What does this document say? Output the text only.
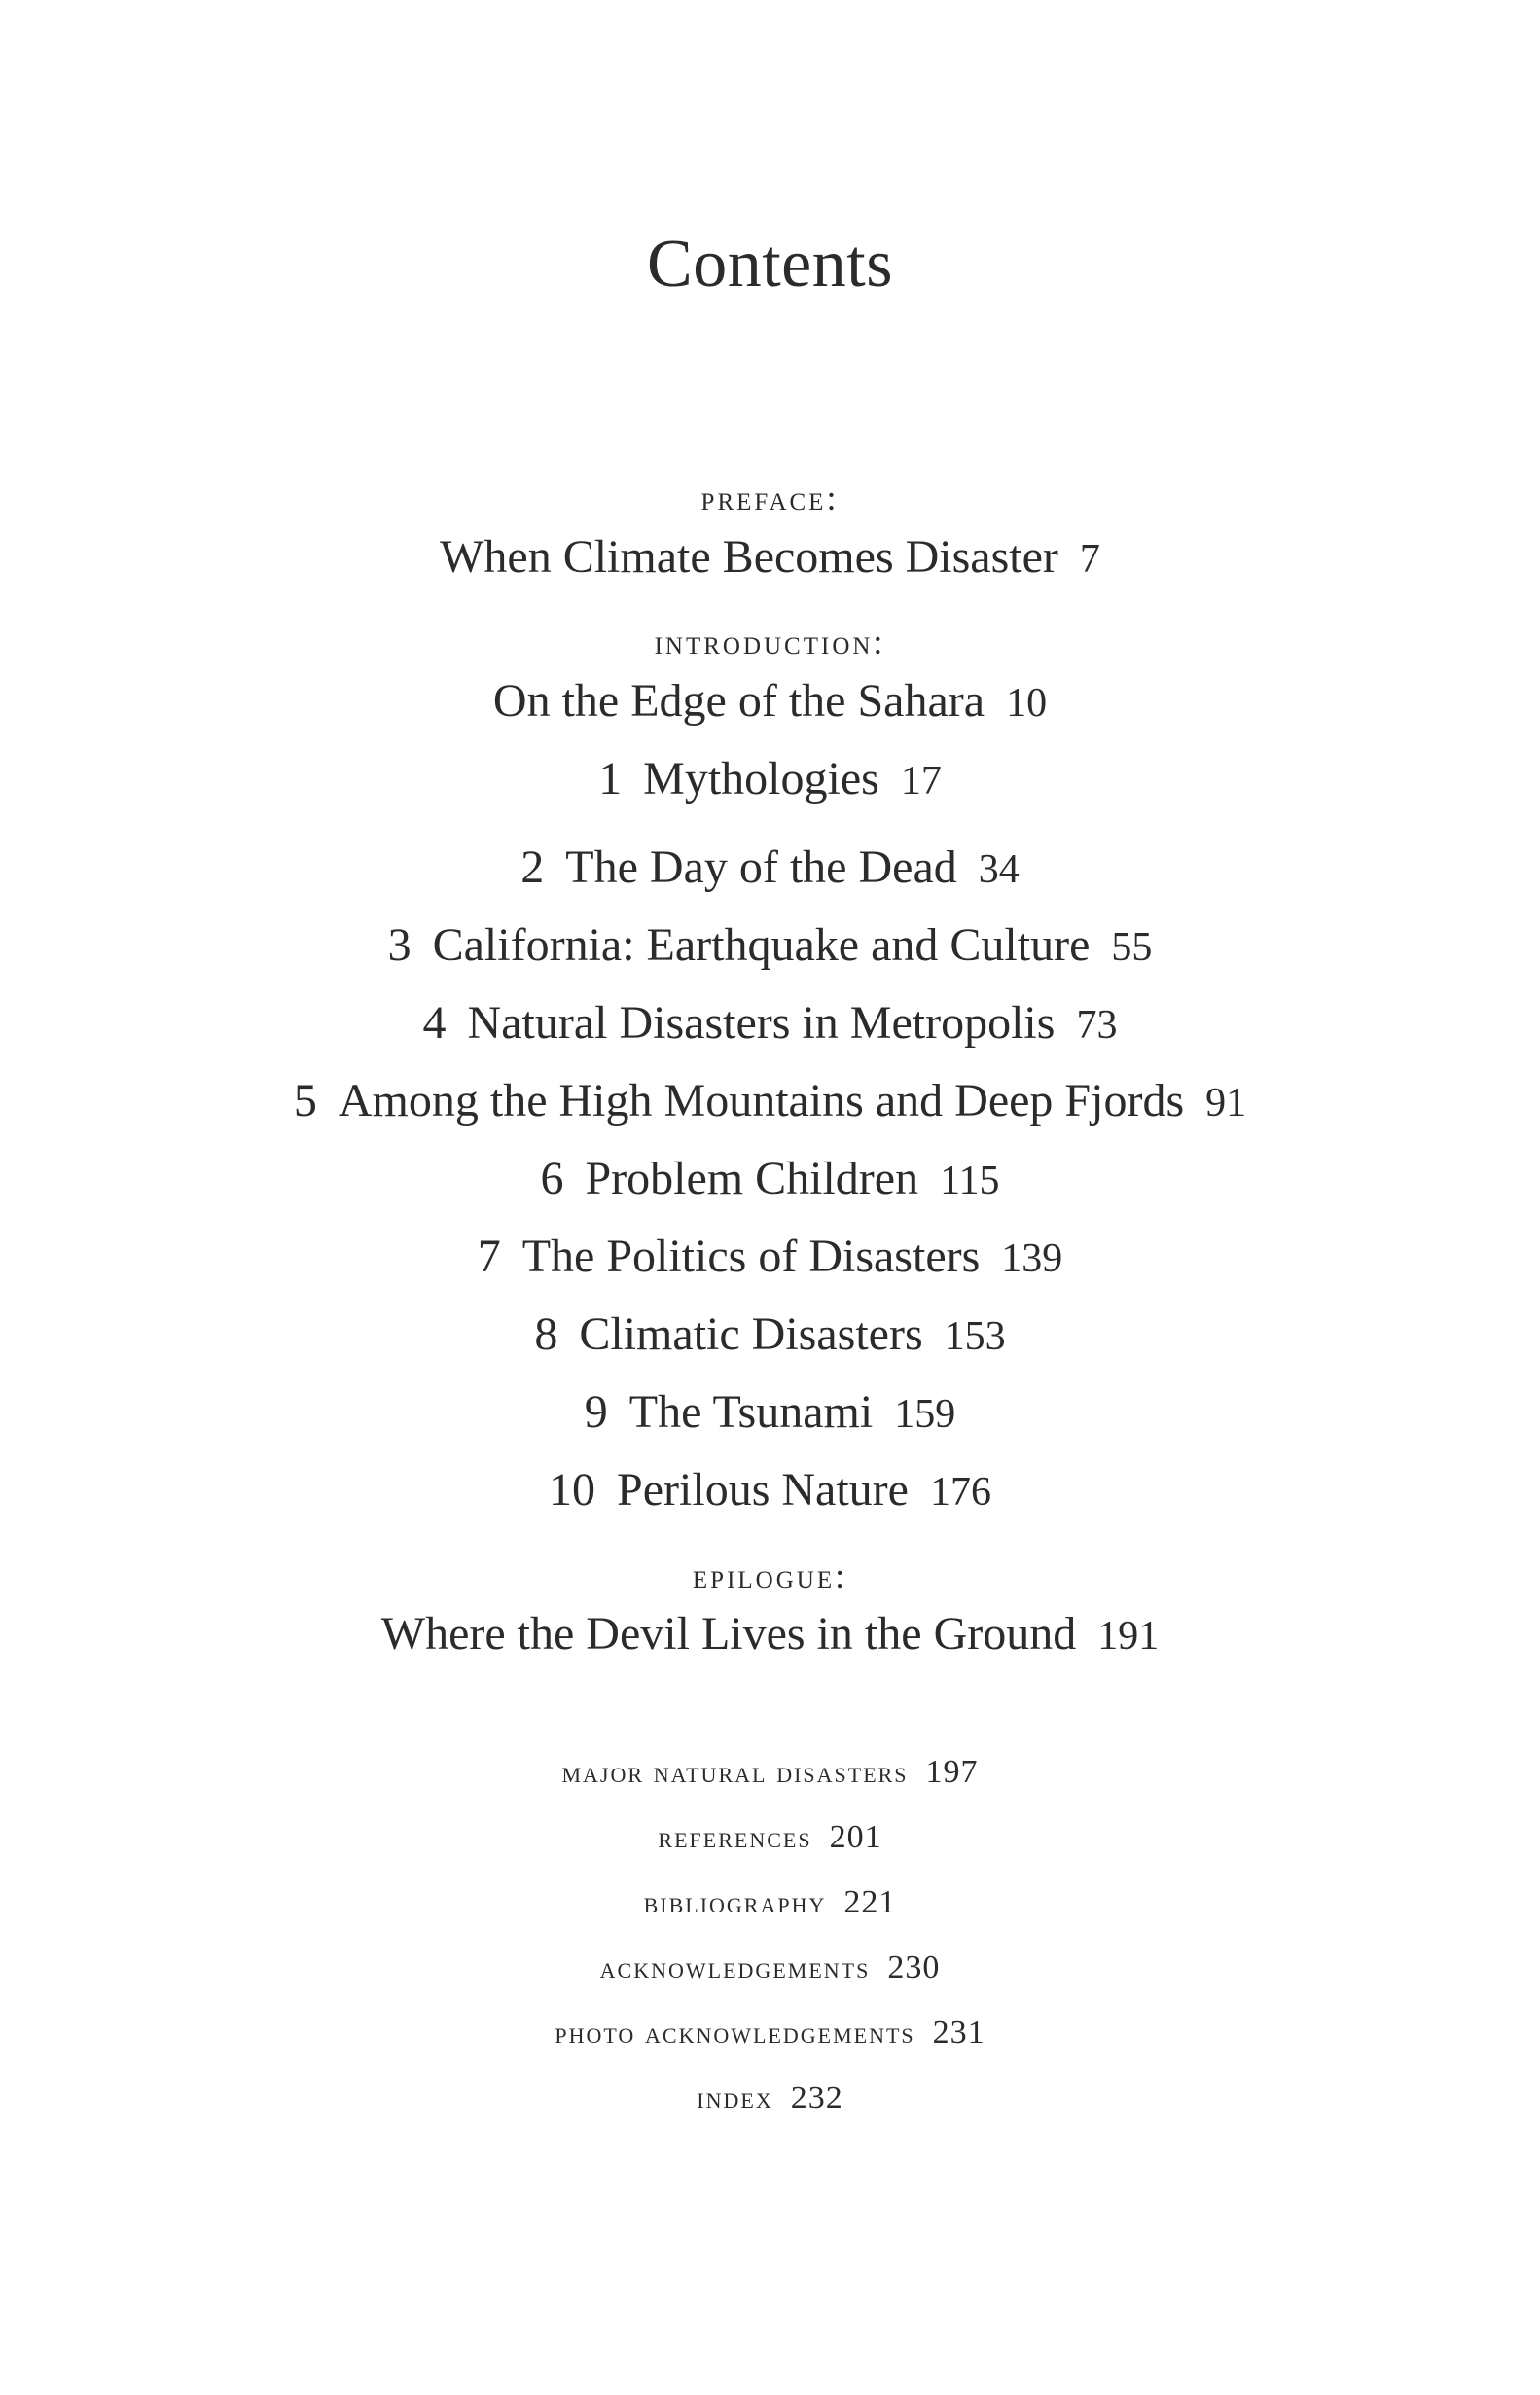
Contents
preface:
When Climate Becomes Disaster 7
introduction:
On the Edge of the Sahara 10
1 Mythologies 17
2 The Day of the Dead 34
3 California: Earthquake and Culture 55
4 Natural Disasters in Metropolis 73
5 Among the High Mountains and Deep Fjords 91
6 Problem Children 115
7 The Politics of Disasters 139
8 Climatic Disasters 153
9 The Tsunami 159
10 Perilous Nature 176
epilogue:
Where the Devil Lives in the Ground 191
major natural disasters 197
references 201
bibliography 221
acknowledgements 230
photo acknowledgements 231
index 232
